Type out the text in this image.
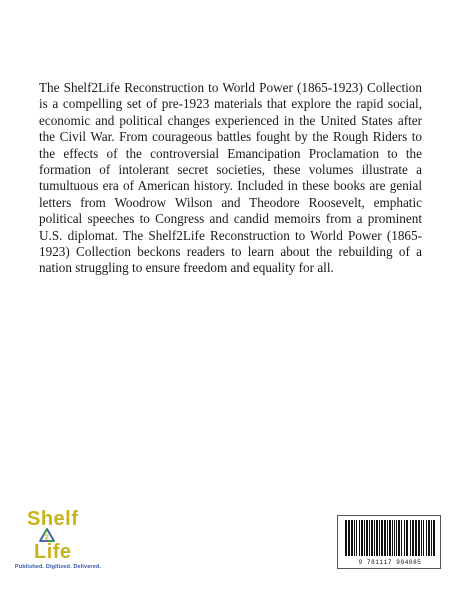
The Shelf2Life Reconstruction to World Power (1865-1923) Collection is a compelling set of pre-1923 materials that explore the rapid social, economic and political changes experienced in the United States after the Civil War. From courageous battles fought by the Rough Riders to the effects of the controversial Emancipation Proclamation to the formation of intolerant secret societies, these volumes illustrate a tumultuous era of American history. Included in these books are genial letters from Woodrow Wilson and Theodore Roosevelt, emphatic political speeches to Congress and candid memoirs from a prominent U.S. diplomat. The Shelf2Life Reconstruction to World Power (1865-1923) Collection beckons readers to learn about the rebuilding of a nation struggling to ensure freedom and equality for all.

Shelf
2
Life
Published. Digitized. Delivered.
9 781117 904085
